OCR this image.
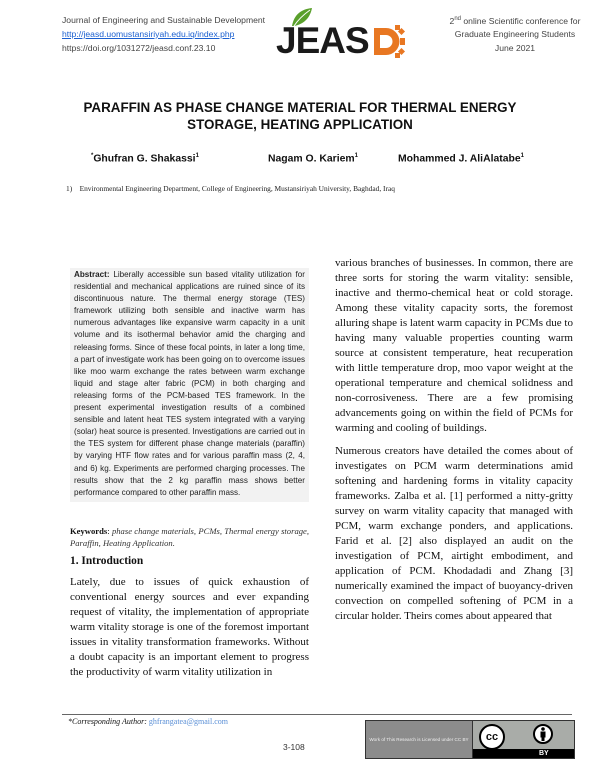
Journal of Engineering and Sustainable Development
http://jeasd.uomustansiriyah.edu.iq/index.php
https://doi.org/1031272/jeasd.conf.23.10	JEAS	2nd online Scientific conference for
Graduate Engineering Students
June 2021
PARAFFIN AS PHASE CHANGE MATERIAL FOR THERMAL ENERGY
STORAGE, HEATING APPLICATION
*Ghufran G. Shakassi$^1$	Nagam O. Kariem$^1$	Mohammed J. AliAlatabe$^1$
1) Environmental Engineering Department, College of Engineering, Mustansiriyah University, Baghdad, Iraq
Abstract: Liberally accessible sun based vitality utilization for residential and mechanical applications are ruined since of its discontinuous nature. The thermal energy storage (TES) framework utilizing both sensible and inactive warm has numerous advantages like expansive warm capacity in a unit volume and its isothermal behavior amid the charging and releasing forms. Since of these focal points, in later a long time, a part of investigate work has been going on to overcome issues like moo warm exchange the rates between warm exchange liquid and stage alter fabric (PCM) in both charging and releasing forms of the PCM-based TES framework. In the present experimental investigation results of a combined sensible and latent heat TES system integrated with a varying (solar) heat source is presented. Investigations are carried out in the TES system for different phase change materials (paraffin) by varying HTF flow rates and for various paraffin mass (2, 4, and 6) kg. Experiments are performed charging processes. The results show that the 2 kg paraffin mass shows better performance compared to other paraffin mass.
Keywords: phase change materials, PCMs, Thermal energy storage, Paraffin, Heating Application.
1. Introduction

Lately, due to issues of quick exhaustion of conventional energy sources and ever expanding request of vitality, the implementation of appropriate warm vitality storage is one of the foremost important issues in vitality transformation frameworks. Without a doubt capacity is an important element to progress the productivity of warm vitality utilization in

various branches of businesses. In common, there are three sorts for storing the warm vitality: sensible, inactive and thermo-chemical heat or cold storage. Among these vitality capacity sorts, the foremost alluring shape is latent warm capacity in PCMs due to having many valuable properties counting warm source at consistent temperature, heat recuperation with little temperature drop, moo vapor weight at the operational temperature and chemical solidness and non-corrosiveness. There are a few promising advancements going on within the field of PCMs for warming and cooling of buildings.

Numerous creators have detailed the comes about of investigates on PCM warm determinations amid softening and hardening forms in vitality capacity frameworks. Zalba et al. [1] performed a nitty-gritty survey on warm vitality capacity that managed with PCM, warm exchange ponders, and applications. Farid et al. [2] also displayed an audit on the investigation of PCM, airtight embodiment, and application of PCM. Khodadadi and Zhang [3] numerically examined the impact of buoyancy-driven convection on compelled softening of PCM in a circular holder. Theirs comes about appeared that

*Corresponding Author: ghfrangatea@gmail.com
3-108
Work of This Research is Licensed under CC BY
BY
cc
